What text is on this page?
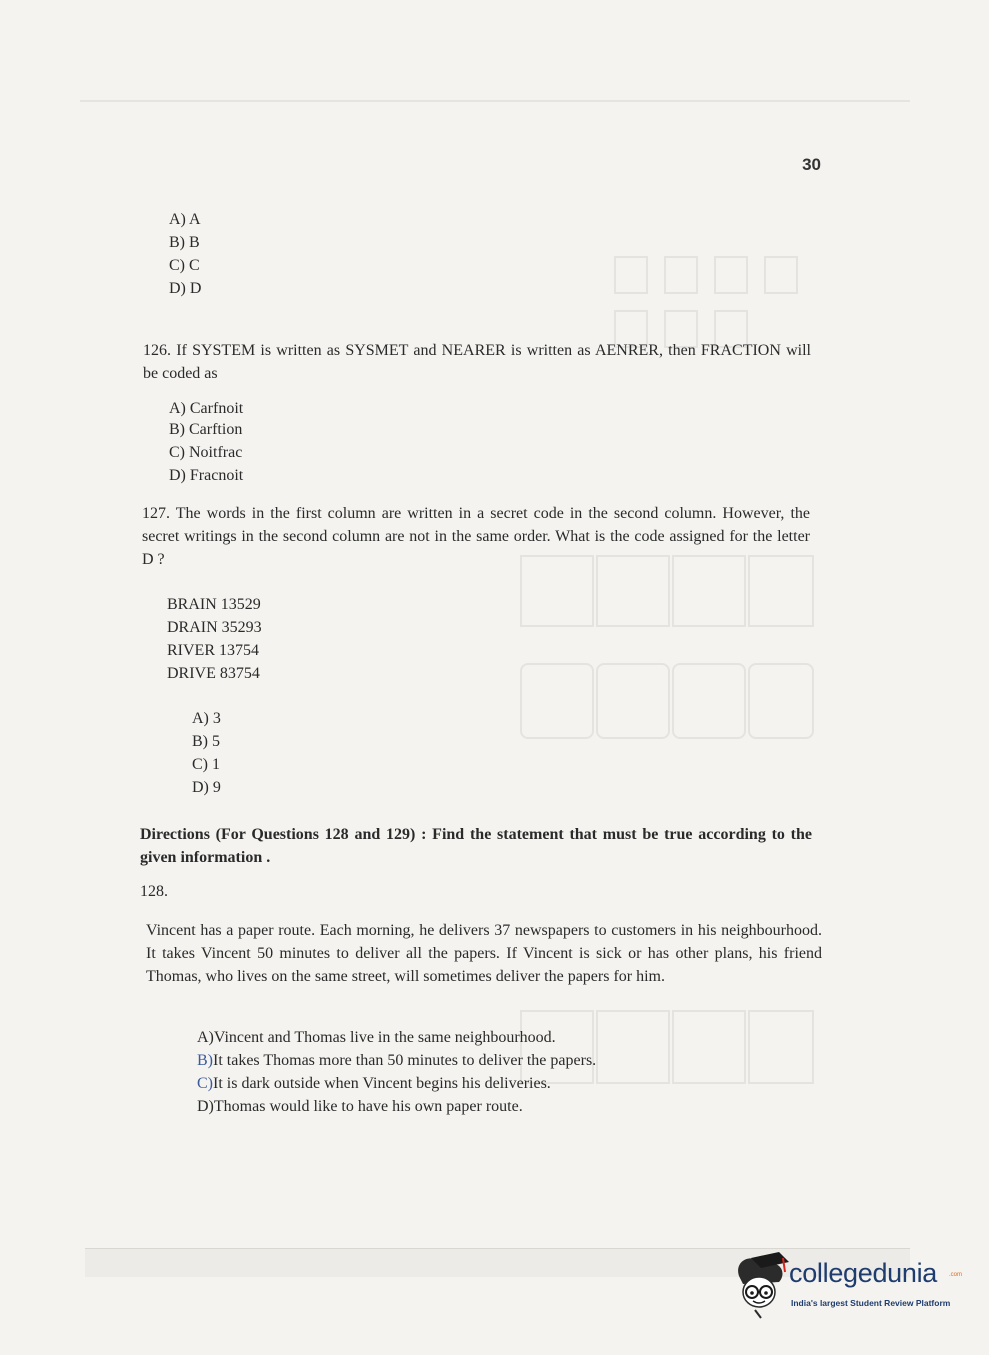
30
A) A
B) B
C) C
D) D
126. If SYSTEM is written as SYSMET and NEARER is written as AENRER, then FRACTION will be coded as
A) Carfnoit
B) Carftion
C) Noitfrac
D) Fracnoit
127. The words in the first column are written in a secret code in the second column. However, the secret writings in the second column are not in the same order. What is the code assigned for the letter D ?
BRAIN 13529
DRAIN 35293
RIVER 13754
DRIVE 83754
A) 3
B) 5
C) 1
D) 9
Directions (For Questions 128 and 129) : Find the statement that must be true according to the given information .
128.
Vincent has a paper route. Each morning, he delivers 37 newspapers to customers in his neighbourhood. It takes Vincent 50 minutes to deliver all the papers. If Vincent is sick or has other plans, his friend Thomas, who lives on the same street, will sometimes deliver the papers for him.
A)Vincent and Thomas live in the same neighbourhood.
B)It takes Thomas more than 50 minutes to deliver the papers.
C)It is dark outside when Vincent begins his deliveries.
D)Thomas would like to have his own paper route.
collegedunia .com
India's largest Student Review Platform
